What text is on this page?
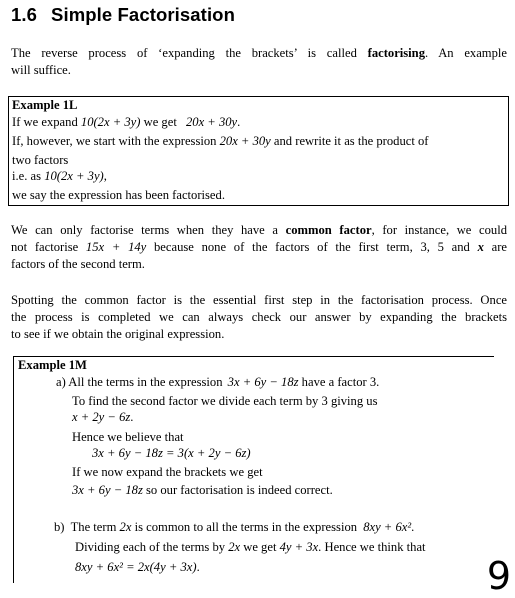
1.6 Simple Factorisation
The reverse process of ‘expanding the brackets’ is called factorising. An example
will suffice.
Example 1L
If we expand 10(2x + 3y) we get 20x + 30y.
If, however, we start with the expression 20x + 30y and rewrite it as the product of
two factors
i.e. as 10(2x + 3y),
we say the expression has been factorised.
We can only factorise terms when they have a common factor, for instance, we could
not factorise 15x + 14y because none of the factors of the first term, 3, 5 and x are
factors of the second term.
Spotting the common factor is the essential first step in the factorisation process. Once
the process is completed we can always check our answer by expanding the brackets
to see if we obtain the original expression.
Example 1M
a) All the terms in the expression 3x + 6y − 18z have a factor 3.
To find the second factor we divide each term by 3 giving us
x + 2y − 6z.
Hence we believe that
3x + 6y − 18z = 3(x + 2y − 6z)
If we now expand the brackets we get
3x + 6y − 18z so our factorisation is indeed correct.
b) The term 2x is common to all the terms in the expression 8xy + 6x².
Dividing each of the terms by 2x we get 4y + 3x. Hence we think that
8xy + 6x² = 2x(4y + 3x).	9
